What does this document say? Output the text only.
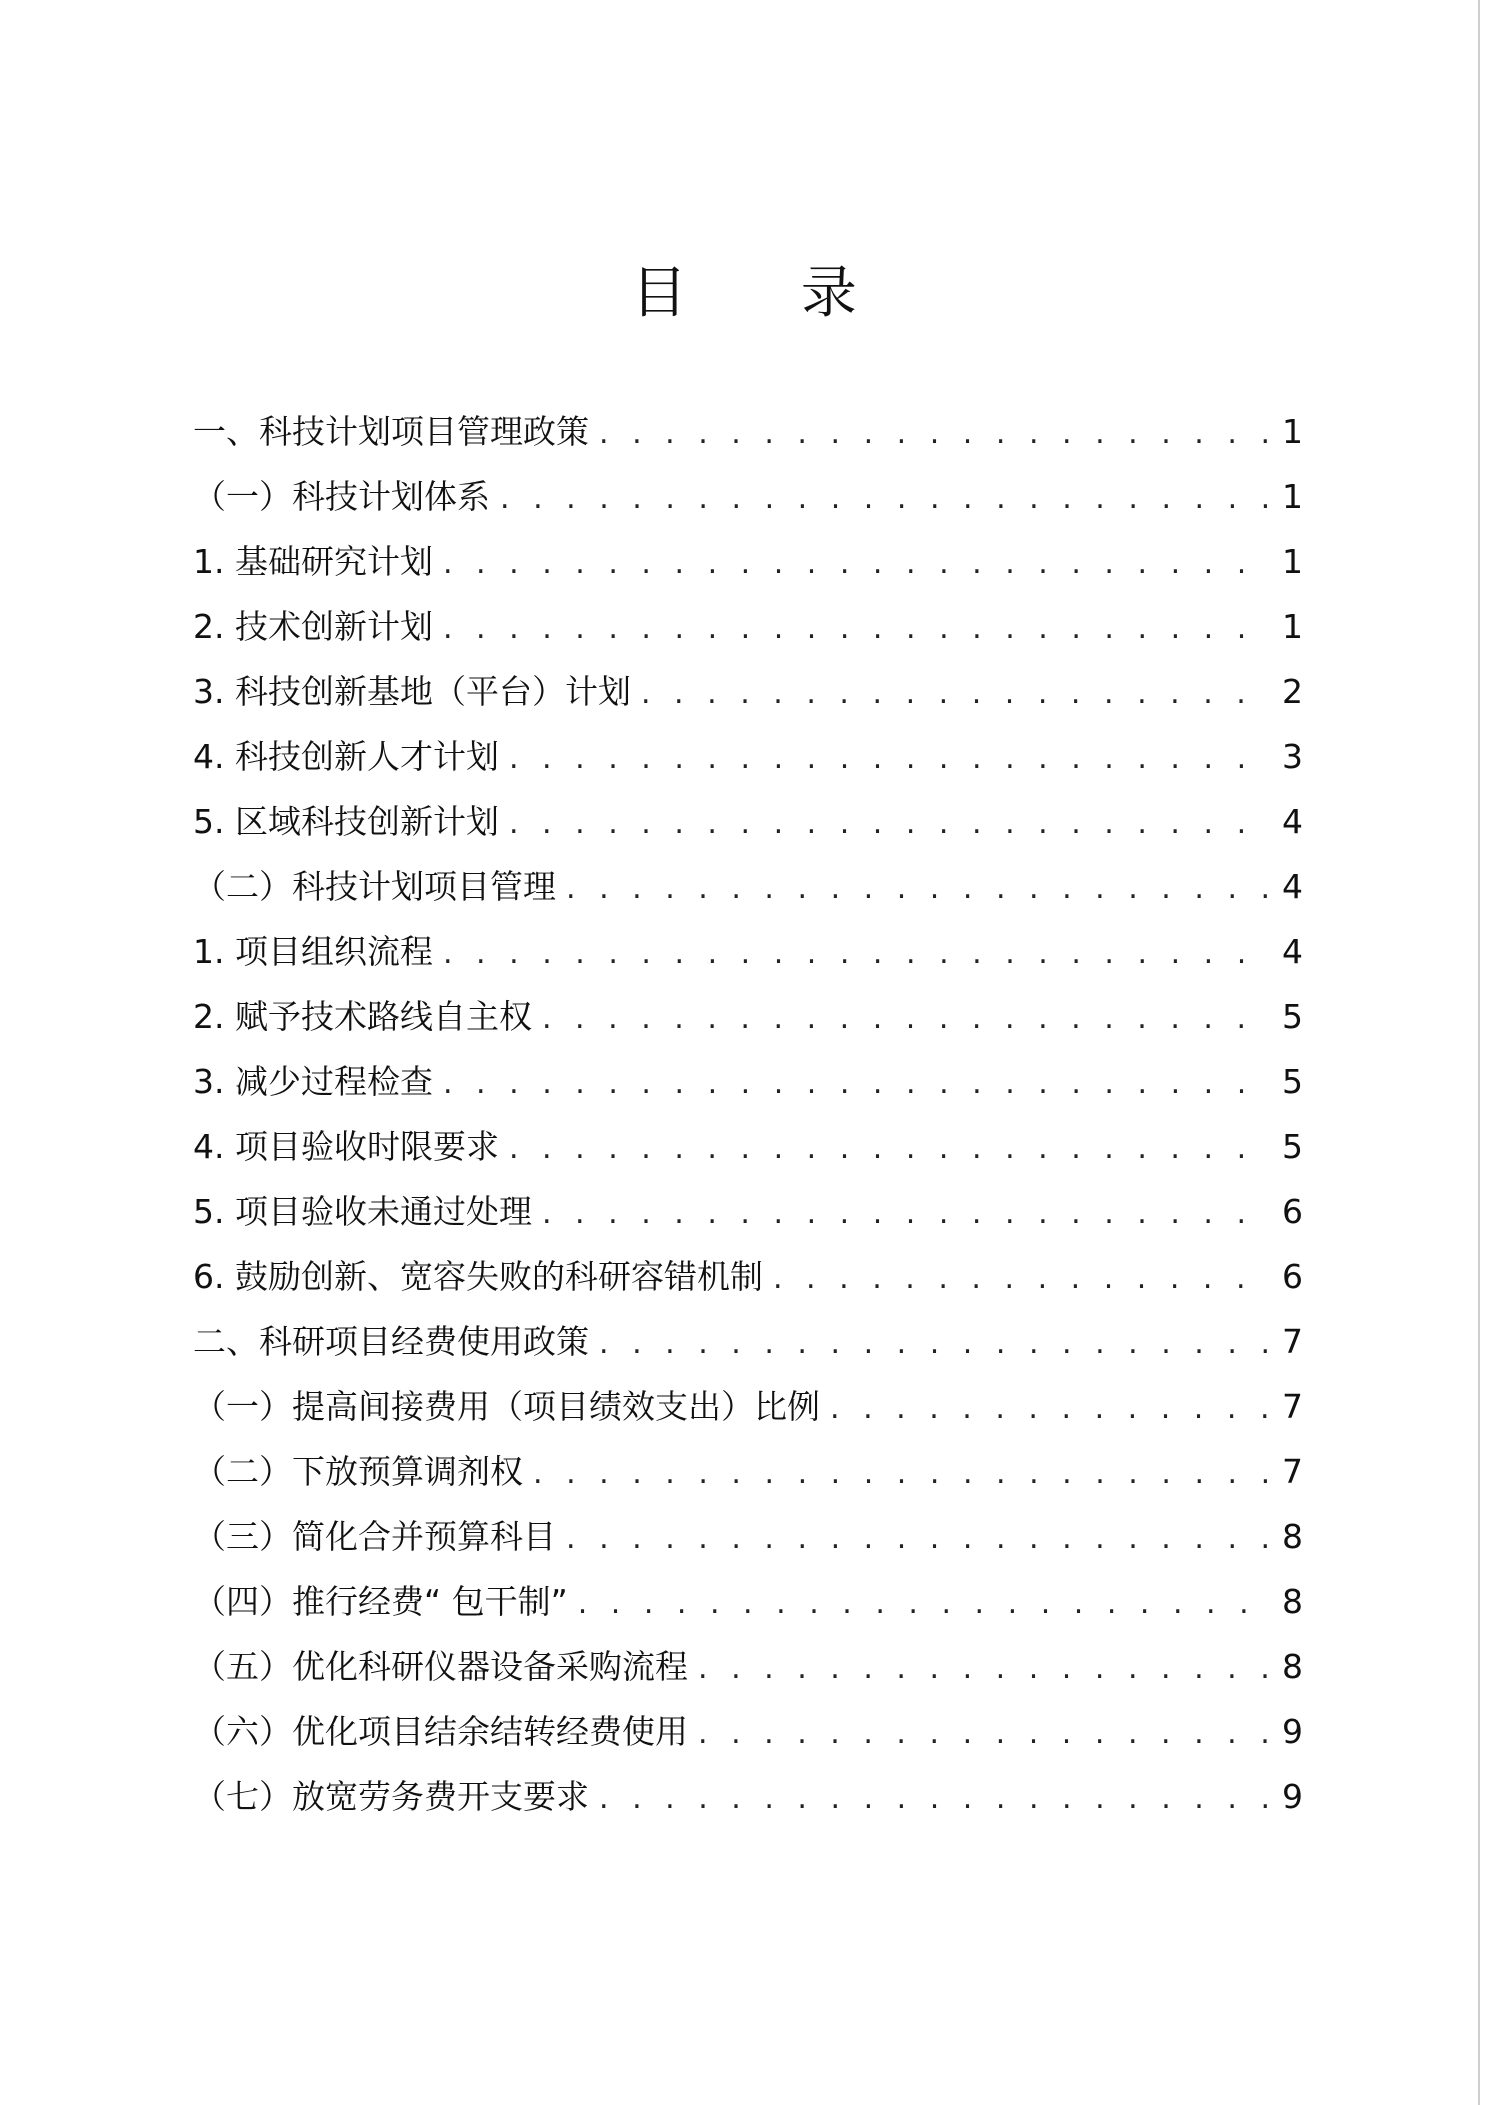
目 录
一、科技计划项目管理政策 . . .	1
（一）科技计划体系 . . .	1
1. 基础研究计划 . . .	1
2. 技术创新计划 . . .	1
3. 科技创新基地（平台）计划 . . .	2
4. 科技创新人才计划 . . .	3
5. 区域科技创新计划 . . .	4
（二）科技计划项目管理 . . .	4
1. 项目组织流程 . . .	4
2. 赋予技术路线自主权 . . .	5
3. 减少过程检查 . . .	5
4. 项目验收时限要求 . . .	5
5. 项目验收未通过处理 . . .	6
6. 鼓励创新、宽容失败的科研容错机制 . . .	6
二、科研项目经费使用政策 . . .	7
（一）提高间接费用（项目绩效支出）比例 . . .	7
（二）下放预算调剂权 . . .	7
（三）简化合并预算科目 . . .	8
（四）推行经费“ 包干制” . . .	8
（五）优化科研仪器设备采购流程 . . .	8
（六）优化项目结余结转经费使用 . . .	9
（七）放宽劳务费开支要求 . . .	9
